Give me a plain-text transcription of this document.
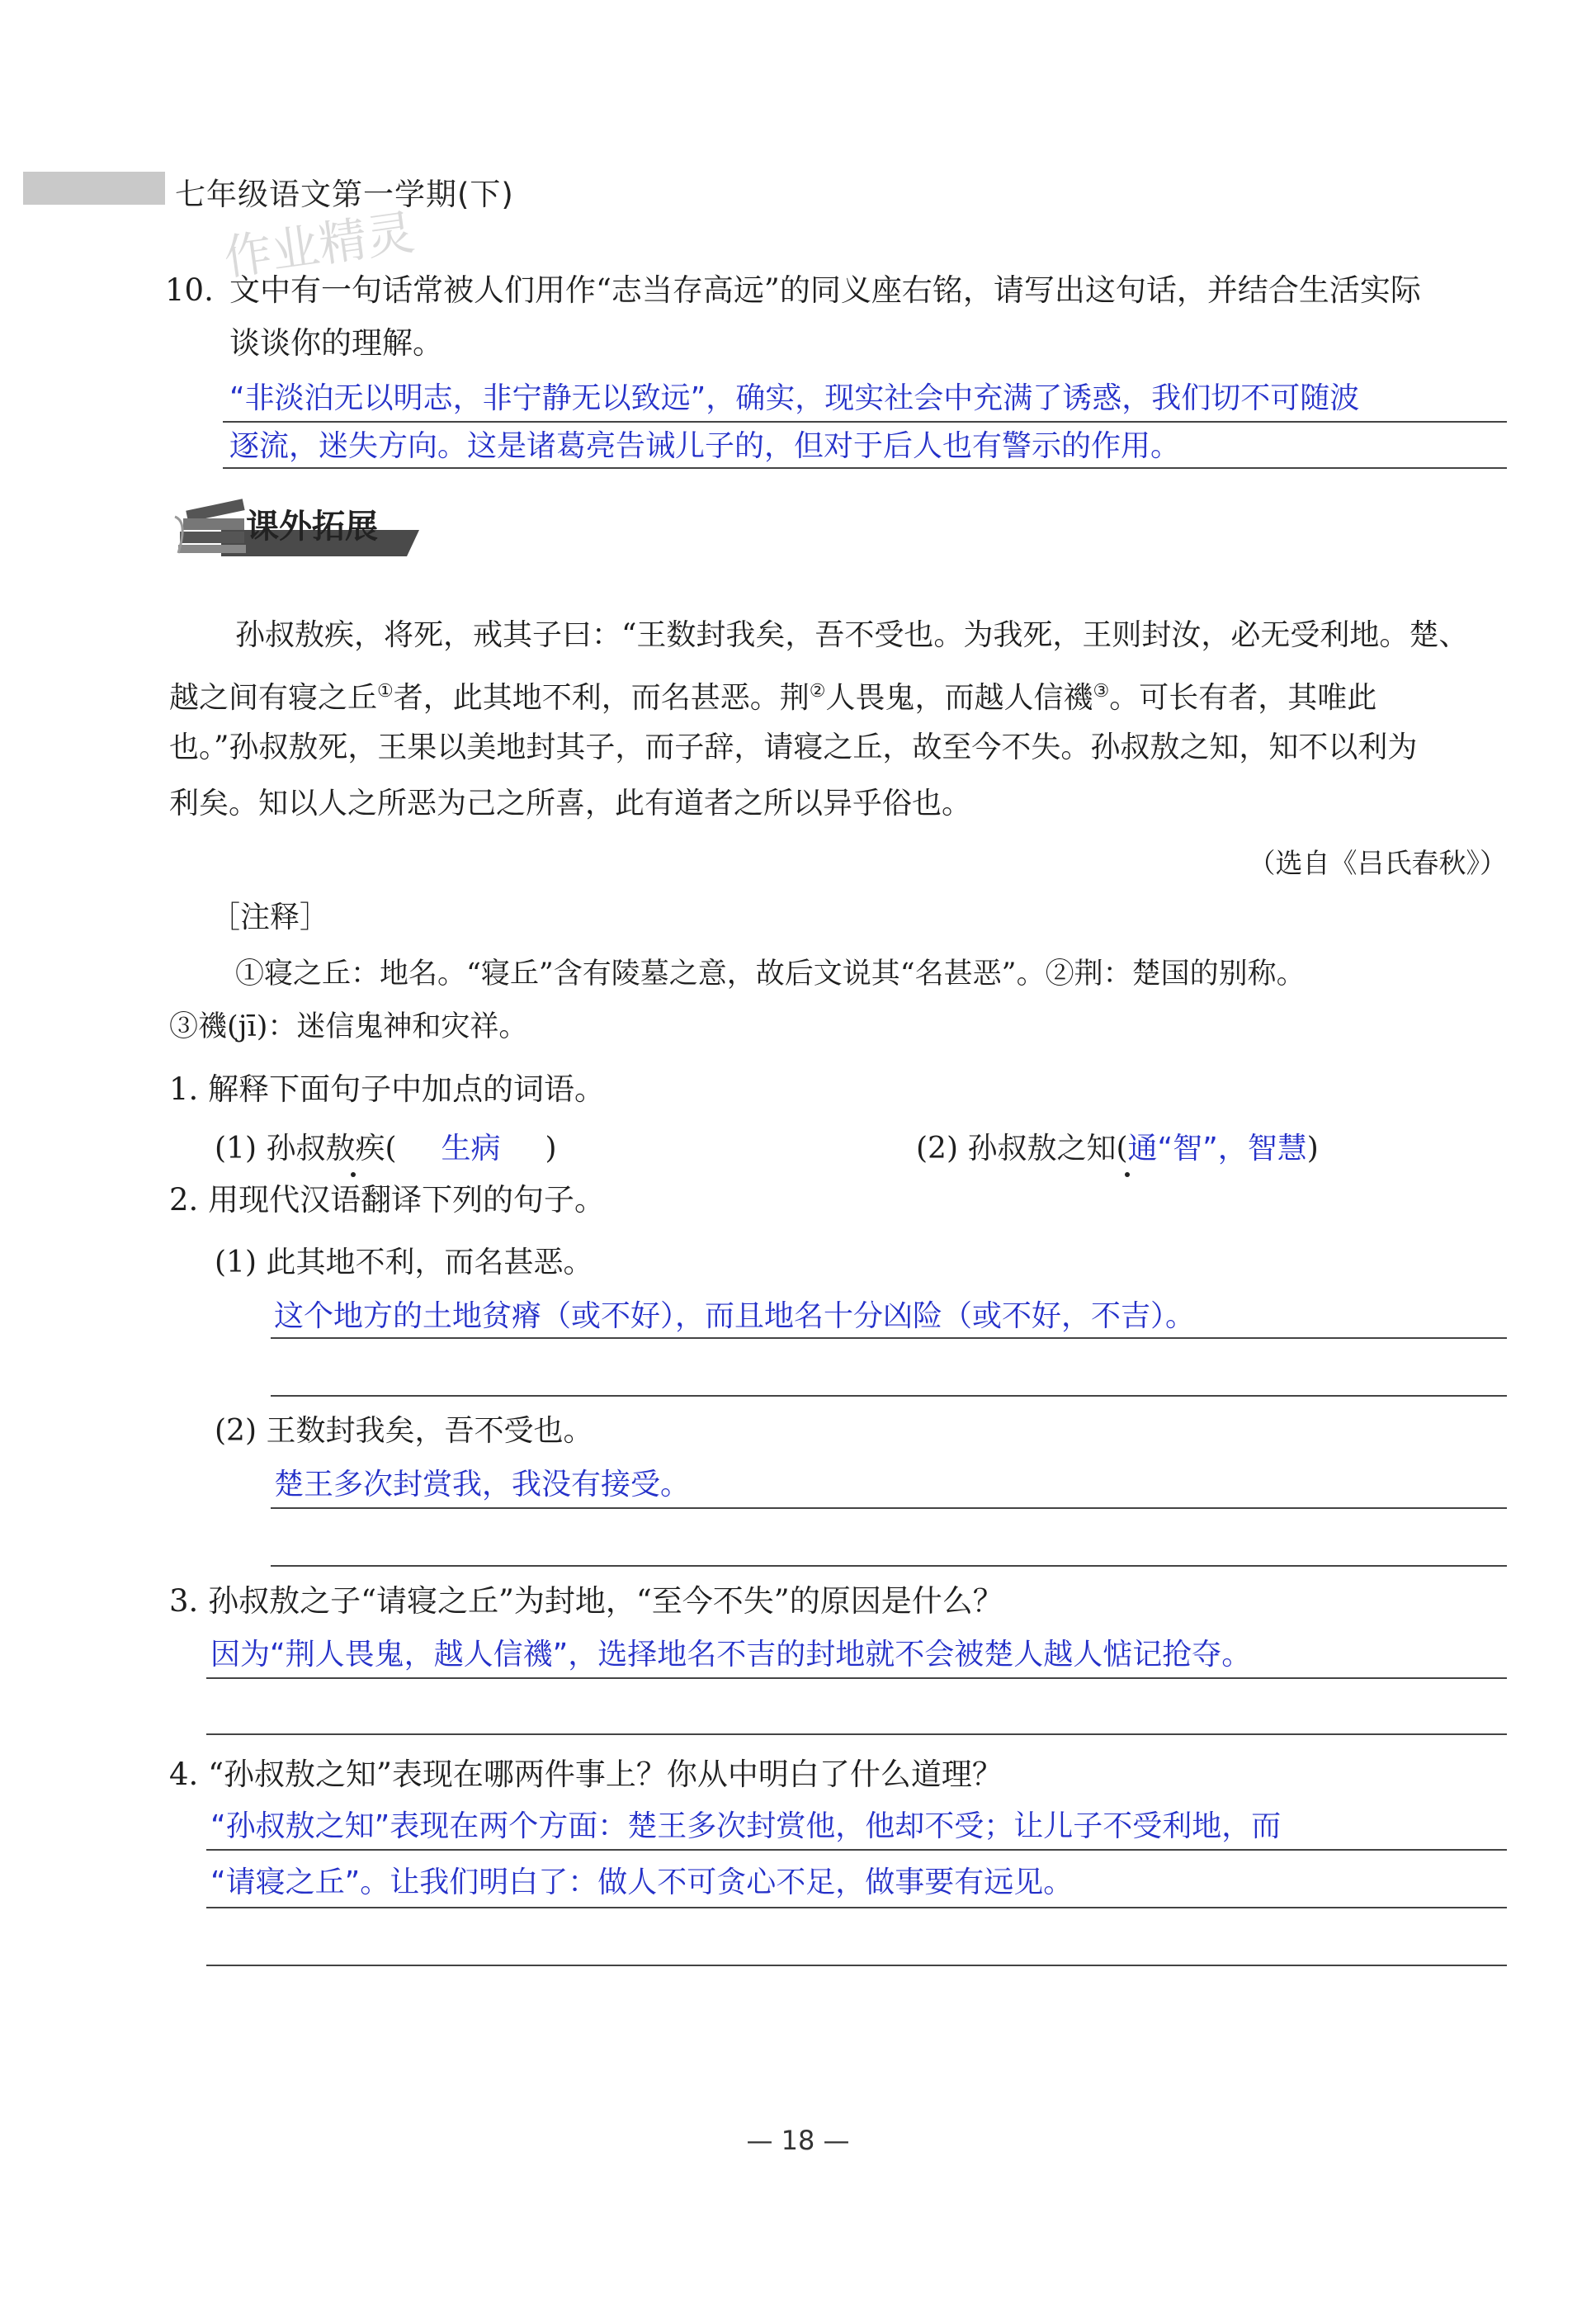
七年级语文第一学期(下)
作业精灵
10. 文中有一句话常被人们用作“志当存高远”的同义座右铭，请写出这句话，并结合生活实际
谈谈你的理解。
“非淡泊无以明志，非宁静无以致远”，确实，现实社会中充满了诱惑，我们切不可随波
逐流，迷失方向。这是诸葛亮告诫儿子的，但对于后人也有警示的作用。
课外拓展
孙叔敖疾，将死，戒其子曰：“王数封我矣，吾不受也。为我死，王则封汝，必无受利地。楚、
越之间有寝之丘①者，此其地不利，而名甚恶。荆②人畏鬼，而越人信禨③。可长有者，其唯此
也。”孙叔敖死，王果以美地封其子，而子辞，请寝之丘，故至今不失。孙叔敖之知，知不以利为
利矣。知以人之所恶为己之所喜，此有道者之所以异乎俗也。
（选自《吕氏春秋》）
［注释］
①寝之丘：地名。“寝丘”含有陵墓之意，故后文说其“名甚恶”。②荆：楚国的别称。
③禨(jī)：迷信鬼神和灾祥。
1. 解释下面句子中加点的词语。
(1) 孙叔敖疾( 生病 )	(2) 孙叔敖之知(通“智”，智慧)
2. 用现代汉语翻译下列的句子。
(1) 此其地不利，而名甚恶。
这个地方的土地贫瘠（或不好），而且地名十分凶险（或不好，不吉）。
(2) 王数封我矣，吾不受也。
楚王多次封赏我，我没有接受。
3. 孙叔敖之子“请寝之丘”为封地，“至今不失”的原因是什么？
因为“荆人畏鬼，越人信禨”，选择地名不吉的封地就不会被楚人越人惦记抢夺。
4. “孙叔敖之知”表现在哪两件事上？你从中明白了什么道理？
“孙叔敖之知”表现在两个方面：楚王多次封赏他，他却不受；让儿子不受利地，而
“请寝之丘”。让我们明白了：做人不可贪心不足，做事要有远见。
— 18 —
